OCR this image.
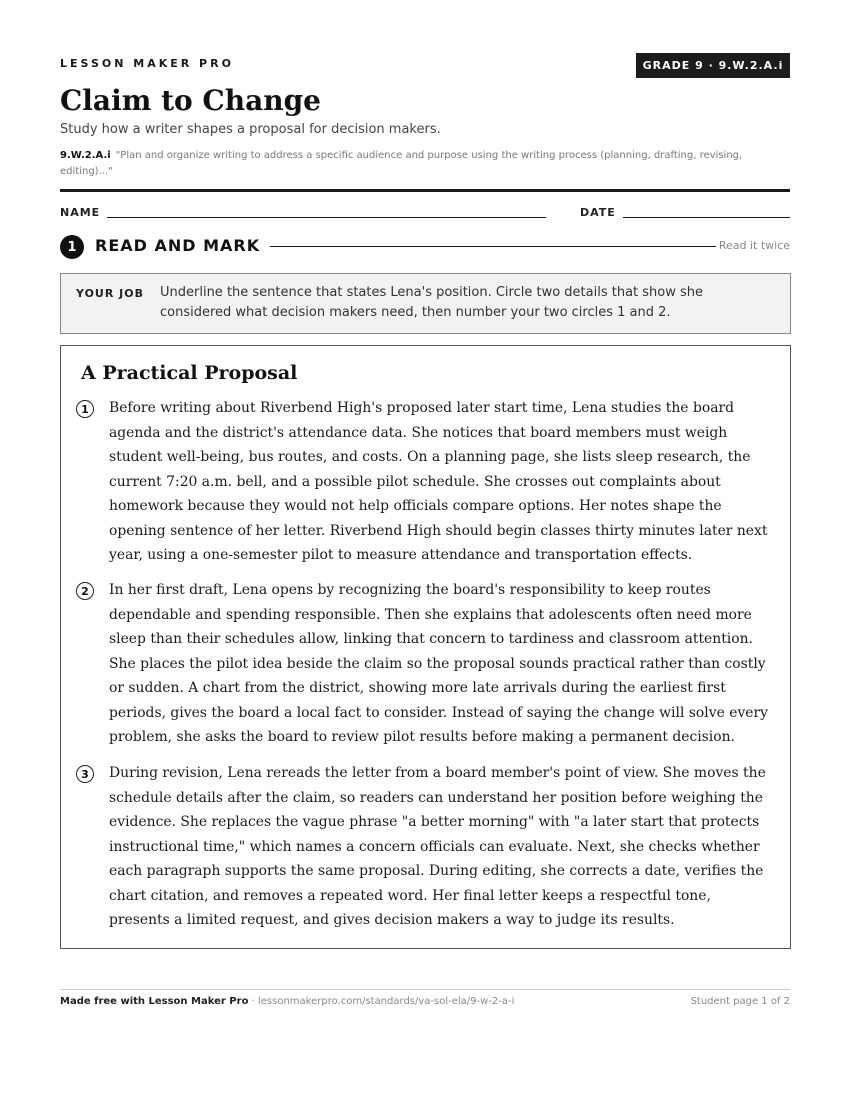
LESSON MAKER PRO	GRADE 9 · 9.W.2.A.i
Claim to Change
Study how a writer shapes a proposal for decision makers.
9.W.2.A.i "Plan and organize writing to address a specific audience and purpose using the writing process (planning, drafting, revising, editing)..."
NAME	DATE
1	READ AND MARK	Read it twice
YOUR JOB Underline the sentence that states Lena's position. Circle two details that show she considered what decision makers need, then number your two circles 1 and 2.
A Practical Proposal
1	Before writing about Riverbend High's proposed later start time, Lena studies the board agenda and the district's attendance data. She notices that board members must weigh student well-being, bus routes, and costs. On a planning page, she lists sleep research, the current 7:20 a.m. bell, and a possible pilot schedule. She crosses out complaints about homework because they would not help officials compare options. Her notes shape the opening sentence of her letter. Riverbend High should begin classes thirty minutes later next year, using a one-semester pilot to measure attendance and transportation effects.
2	In her first draft, Lena opens by recognizing the board's responsibility to keep routes dependable and spending responsible. Then she explains that adolescents often need more sleep than their schedules allow, linking that concern to tardiness and classroom attention. She places the pilot idea beside the claim so the proposal sounds practical rather than costly or sudden. A chart from the district, showing more late arrivals during the earliest first periods, gives the board a local fact to consider. Instead of saying the change will solve every problem, she asks the board to review pilot results before making a permanent decision.
3	During revision, Lena rereads the letter from a board member's point of view. She moves the schedule details after the claim, so readers can understand her position before weighing the evidence. She replaces the vague phrase "a better morning" with "a later start that protects instructional time," which names a concern officials can evaluate. Next, she checks whether each paragraph supports the same proposal. During editing, she corrects a date, verifies the chart citation, and removes a repeated word. Her final letter keeps a respectful tone, presents a limited request, and gives decision makers a way to judge its results.
Made free with Lesson Maker Pro · lessonmakerpro.com/standards/va-sol-ela/9-w-2-a-i	Student page 1 of 2
